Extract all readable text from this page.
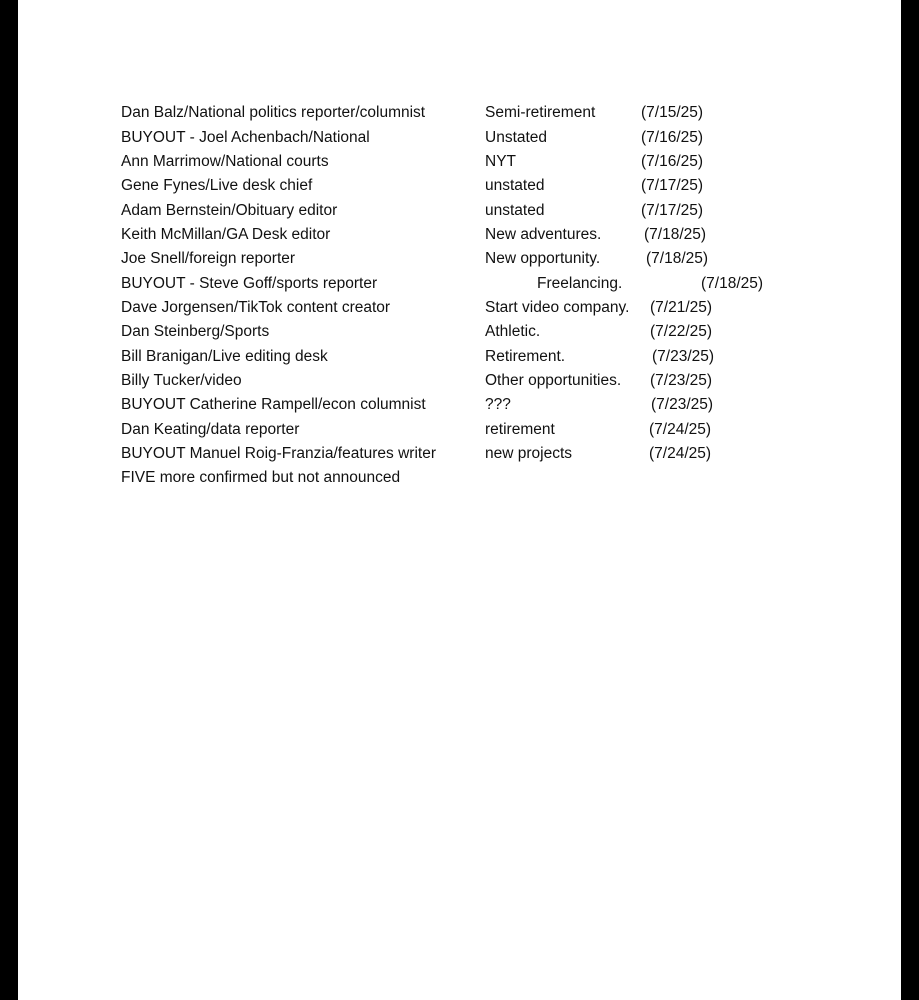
Dan Balz/National politics reporter/columnist	Semi-retirement	(7/15/25)
BUYOUT - Joel Achenbach/National	Unstated	(7/16/25)
Ann Marrimow/National courts	NYT	(7/16/25)
Gene Fynes/Live desk chief	unstated	(7/17/25)
Adam Bernstein/Obituary editor	unstated	(7/17/25)
Keith McMillan/GA Desk editor	New adventures.	(7/18/25)
Joe Snell/foreign reporter	New opportunity.	(7/18/25)
BUYOUT - Steve Goff/sports reporter	Freelancing.	(7/18/25)
Dave Jorgensen/TikTok content creator	Start video company. (7/21/25)
Dan Steinberg/Sports	Athletic.	(7/22/25)
Bill Branigan/Live editing desk	Retirement.	(7/23/25)
Billy Tucker/video	Other opportunities. (7/23/25)
BUYOUT Catherine Rampell/econ columnist	???	(7/23/25)
Dan Keating/data reporter	retirement	(7/24/25)
BUYOUT Manuel Roig-Franzia/features writer	new projects	(7/24/25)
FIVE more confirmed but not announced
